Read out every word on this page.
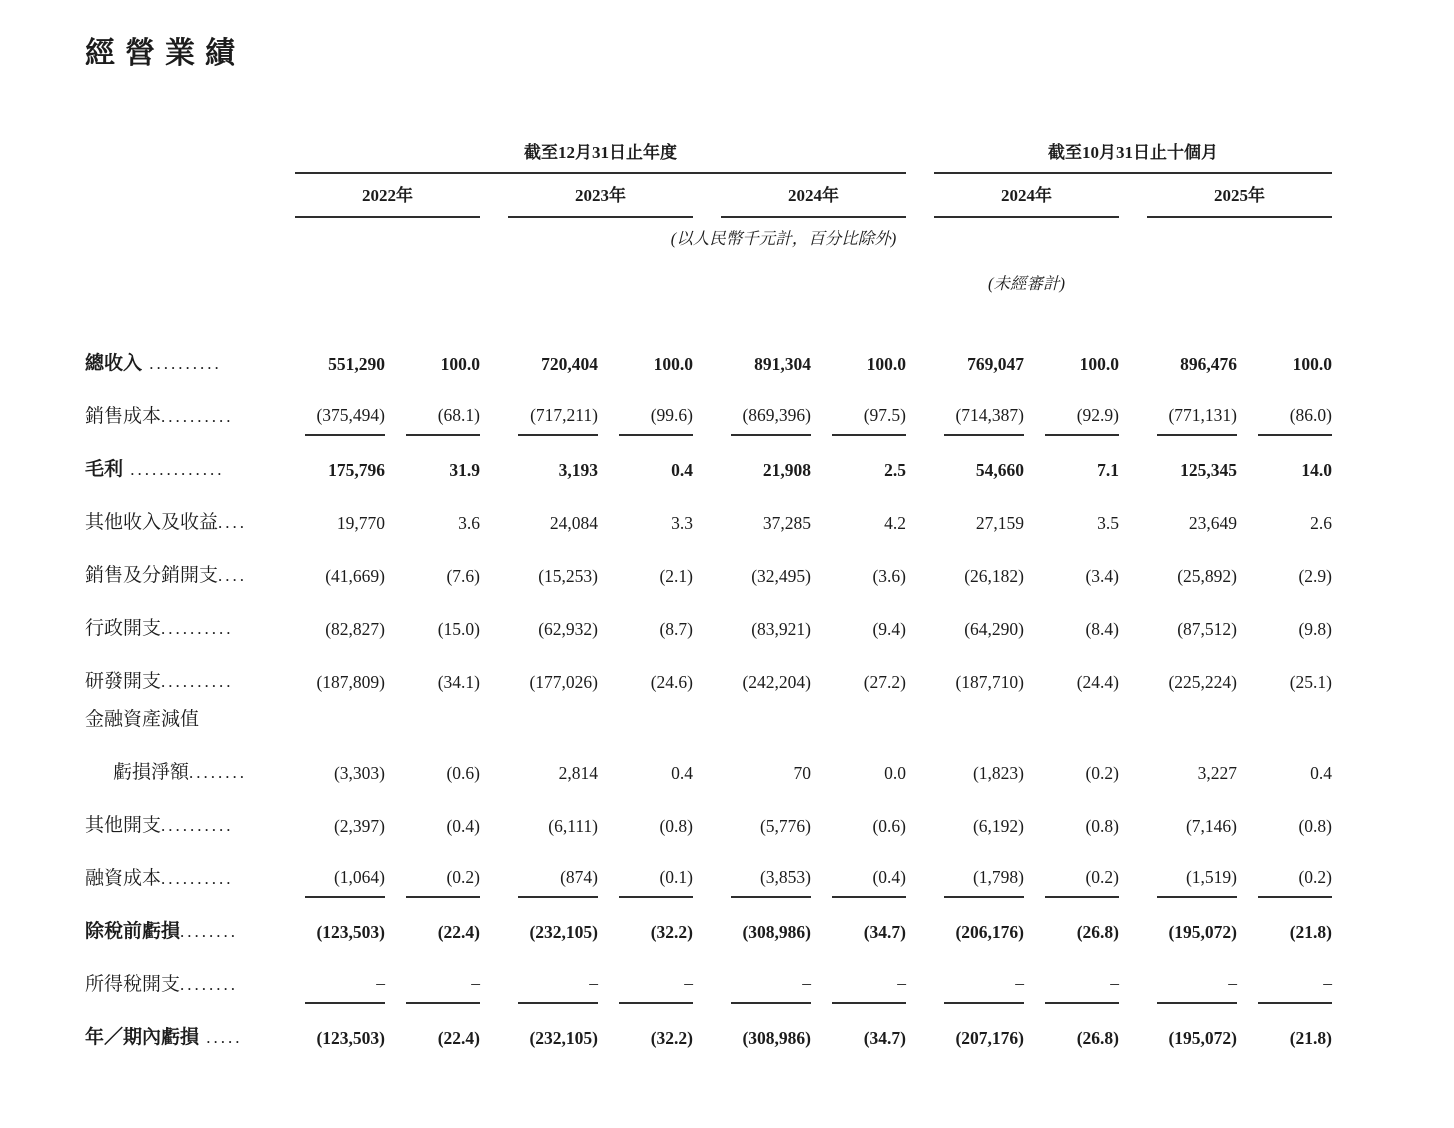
經營業績
	截至12月31日止年度									截至10月31日止十個月				
	2022年			2023年			2024年			2024年			2025年	
	(以人民幣千元計，百分比除外)													
										(未經審計)				

總收入 ..........	551,290	100.0		720,404	100.0		891,304	100.0		769,047	100.0		896,476	100.0
銷售成本..........	(375,494)	(68.1)		(717,211)	(99.6)		(869,396)	(97.5)		(714,387)	(92.9)		(771,131)	(86.0)
毛利 .............	175,796	31.9		3,193	0.4		21,908	2.5		54,660	7.1		125,345	14.0
其他收入及收益....	19,770	3.6		24,084	3.3		37,285	4.2		27,159	3.5		23,649	2.6
銷售及分銷開支....	(41,669)	(7.6)		(15,253)	(2.1)		(32,495)	(3.6)		(26,182)	(3.4)		(25,892)	(2.9)
行政開支..........	(82,827)	(15.0)		(62,932)	(8.7)		(83,921)	(9.4)		(64,290)	(8.4)		(87,512)	(9.8)
研發開支..........	(187,809)	(34.1)		(177,026)	(24.6)		(242,204)	(27.2)		(187,710)	(24.4)		(225,224)	(25.1)
金融資產減值														
虧損淨額........	(3,303)	(0.6)		2,814	0.4		70	0.0		(1,823)	(0.2)		3,227	0.4
其他開支..........	(2,397)	(0.4)		(6,111)	(0.8)		(5,776)	(0.6)		(6,192)	(0.8)		(7,146)	(0.8)
融資成本..........	(1,064)	(0.2)		(874)	(0.1)		(3,853)	(0.4)		(1,798)	(0.2)		(1,519)	(0.2)
除稅前虧損........	(123,503)	(22.4)		(232,105)	(32.2)		(308,986)	(34.7)		(206,176)	(26.8)		(195,072)	(21.8)
所得稅開支........	–	–		–	–		–	–		–	–		–	–
年／期內虧損 .....	(123,503)	(22.4)		(232,105)	(32.2)		(308,986)	(34.7)		(207,176)	(26.8)		(195,072)	(21.8)
